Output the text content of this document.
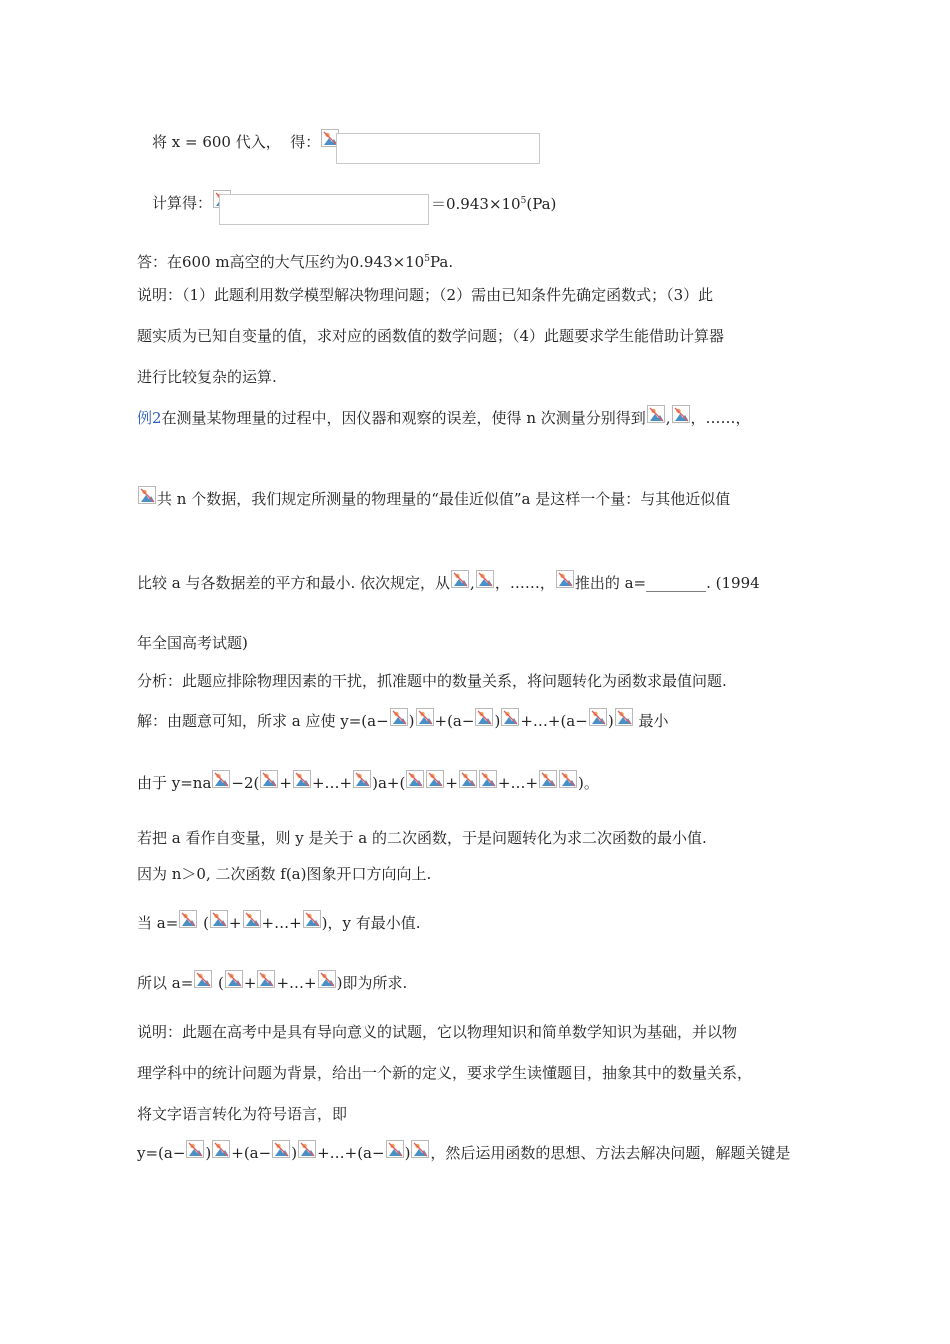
将 x = 600 代入， 得：
计算得：	$=0.943\times 10^5(Pa)$
答：在600 m高空的大气压约为$0.943\times 10^5Pa$.
说明：（1）此题利用数学模型解决物理问题；（2）需由已知条件先确定函数式；（3）此
题实质为已知自变量的值，求对应的函数值的数学问题；（4）此题要求学生能借助计算器
进行比较复杂的运算.
例2在测量某物理量的过程中，因仪器和观察的误差，使得 n 次测量分别得到 , ，……，
共 n 个数据，我们规定所测量的物理量的“最佳近似值”a 是这样一个量：与其他近似值
比较 a 与各数据差的平方和最小. 依次规定，从 , ，……， 推出的 a=________. (1994
年全国高考试题)
分析：此题应排除物理因素的干扰，抓准题中的数量关系，将问题转化为函数求最值问题.
解：由题意可知，所求 a 应使 y=(a− ) +(a− ) +…+(a− ) 最小
由于 y=na −2( + +…+ )a+(	+	+…+	)。
若把 a 看作自变量，则 y 是关于 a 的二次函数，于是问题转化为求二次函数的最小值.
因为 n＞0, 二次函数 f(a)图象开口方向向上.
当 a= ( + +…+ )，y 有最小值.
所以 a=
( + +…+ )即为所求.
说明：此题在高考中是具有导向意义的试题，它以物理知识和简单数学知识为基础，并以物
理学科中的统计问题为背景，给出一个新的定义，要求学生读懂题目，抽象其中的数量关系，
将文字语言转化为符号语言，即
y=(a− ) +(a− ) +…+(a− ) ，然后运用函数的思想、方法去解决问题，解题关键是
